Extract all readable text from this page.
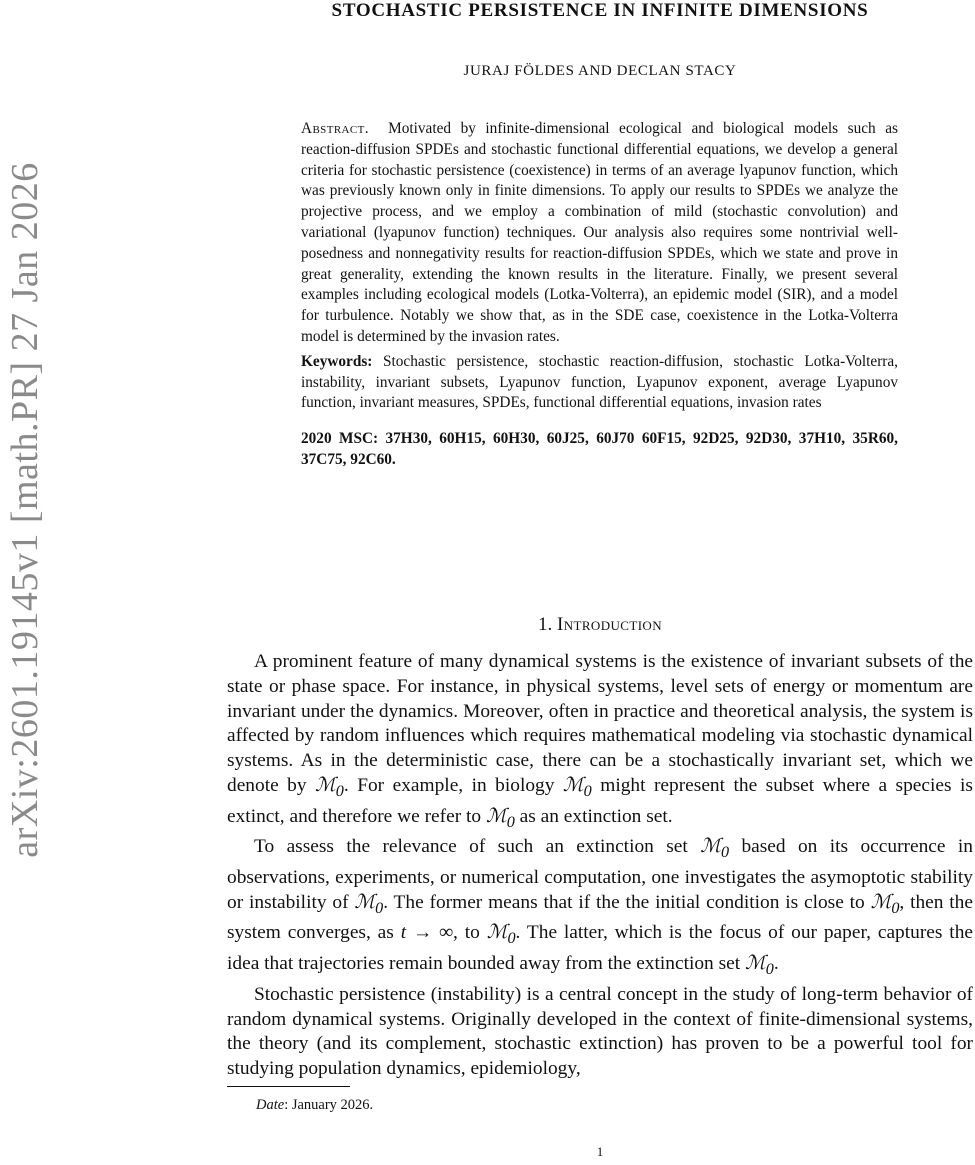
arXiv:2601.19145v1 [math.PR] 27 Jan 2026
STOCHASTIC PERSISTENCE IN INFINITE DIMENSIONS
JURAJ FÖLDES AND DECLAN STACY

Abstract. Motivated by infinite-dimensional ecological and biological models such as reaction-diffusion SPDEs and stochastic functional differential equations, we develop a general criteria for stochastic persistence (coexistence) in terms of an average lyapunov function, which was previously known only in finite dimensions. To apply our results to SPDEs we analyze the projective process, and we employ a combination of mild (stochastic convolution) and variational (lyapunov function) techniques. Our analysis also requires some nontrivial well-posedness and nonnegativity results for reaction-diffusion SPDEs, which we state and prove in great generality, extending the known results in the literature. Finally, we present several examples including ecological models (Lotka-Volterra), an epidemic model (SIR), and a model for turbulence. Notably we show that, as in the SDE case, coexistence in the Lotka-Volterra model is determined by the invasion rates.

Keywords: Stochastic persistence, stochastic reaction-diffusion, stochastic Lotka-Volterra, instability, invariant subsets, Lyapunov function, Lyapunov exponent, average Lyapunov function, invariant measures, SPDEs, functional differential equations, invasion rates

2020 MSC: 37H30, 60H15, 60H30, 60J25, 60J70 60F15, 92D25, 92D30, 37H10, 35R60, 37C75, 92C60.

1. Introduction

A prominent feature of many dynamical systems is the existence of invariant subsets of the state or phase space. For instance, in physical systems, level sets of energy or momentum are invariant under the dynamics. Moreover, often in practice and theoretical analysis, the system is affected by random influences which requires mathematical modeling via stochastic dynamical systems. As in the deterministic case, there can be a stochastically invariant set, which we denote by ℳ$_0$. For example, in biology ℳ$_0$ might represent the subset where a species is extinct, and therefore we refer to ℳ$_0$ as an extinction set.

To assess the relevance of such an extinction set ℳ$_0$ based on its occurrence in observations, experiments, or numerical computation, one investigates the asymoptotic stability or instability of ℳ$_0$. The former means that if the the initial condition is close to ℳ$_0$, then the system converges, as t → ∞, to ℳ$_0$. The latter, which is the focus of our paper, captures the idea that trajectories remain bounded away from the extinction set ℳ$_0$.

Stochastic persistence (instability) is a central concept in the study of long-term behavior of random dynamical systems. Originally developed in the context of finite-dimensional systems, the theory (and its complement, stochastic extinction) has proven to be a powerful tool for studying population dynamics, epidemiology,

Date: January 2026.
1
